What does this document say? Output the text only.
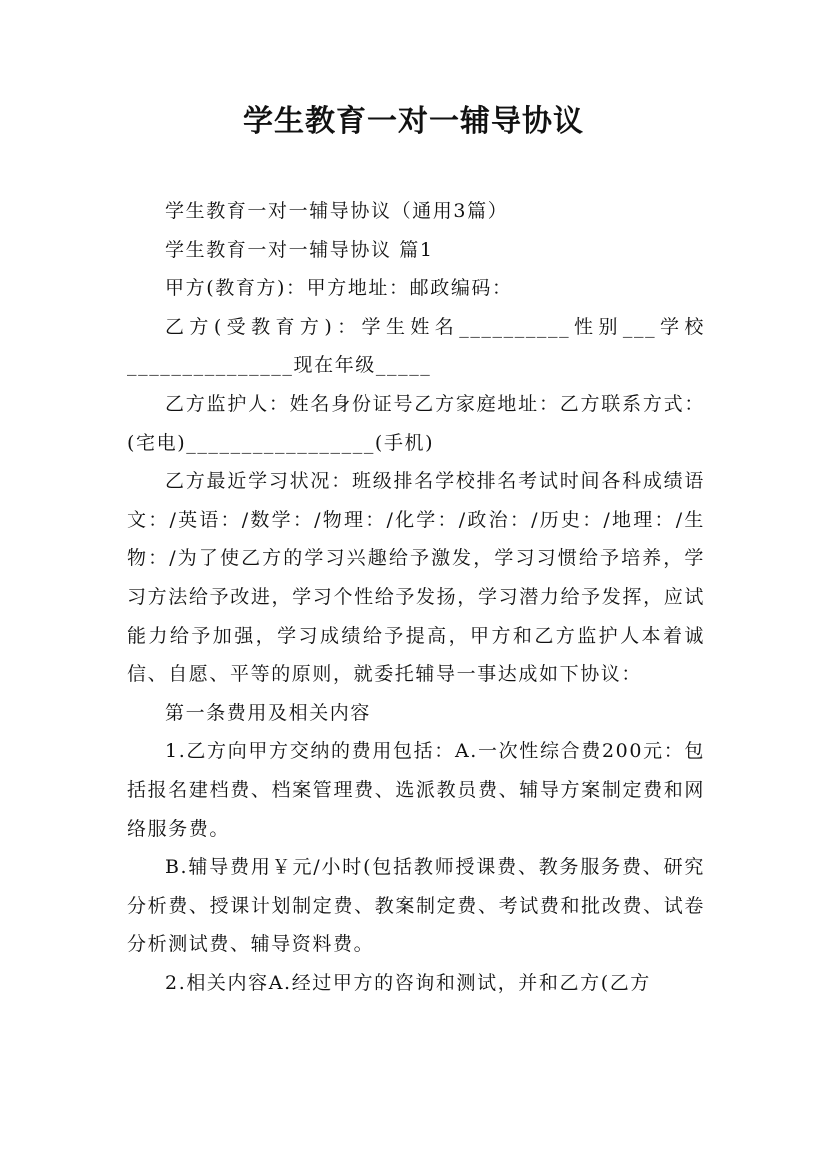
学生教育一对一辅导协议

学生教育一对一辅导协议（通用3篇）

学生教育一对一辅导协议 篇1

甲方(教育方)：甲方地址：邮政编码：

乙方(受教育方)：学生姓名__________性别___学校_______________现在年级_____

乙方监护人：姓名身份证号乙方家庭地址：乙方联系方式：(宅电)_________________(手机)

乙方最近学习状况：班级排名学校排名考试时间各科成绩语文：/英语：/数学：/物理：/化学：/政治：/历史：/地理：/生物：/为了使乙方的学习兴趣给予激发，学习习惯给予培养，学习方法给予改进，学习个性给予发扬，学习潜力给予发挥，应试能力给予加强，学习成绩给予提高，甲方和乙方监护人本着诚信、自愿、平等的原则，就委托辅导一事达成如下协议：

第一条费用及相关内容

1.乙方向甲方交纳的费用包括：A.一次性综合费200元：包括报名建档费、档案管理费、选派教员费、辅导方案制定费和网络服务费。

B.辅导费用￥元/小时(包括教师授课费、教务服务费、研究分析费、授课计划制定费、教案制定费、考试费和批改费、试卷分析测试费、辅导资料费。

2.相关内容A.经过甲方的咨询和测试，并和乙方(乙方
